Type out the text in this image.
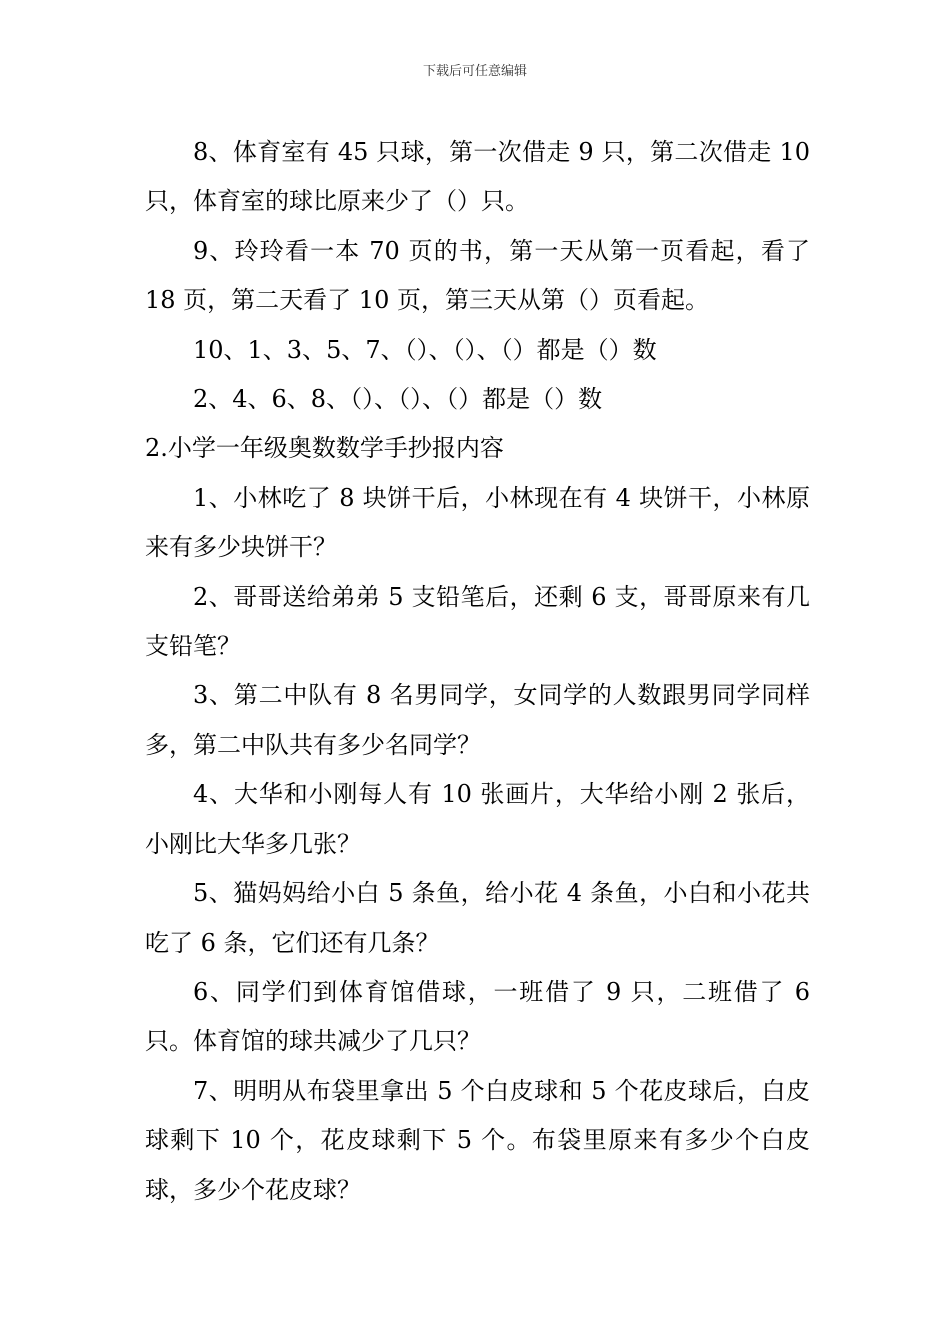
下载后可任意编辑

8、体育室有 45 只球，第一次借走 9 只，第二次借走 10 只，体育室的球比原来少了（）只。

9、玲玲看一本 70 页的书，第一天从第一页看起，看了 18 页，第二天看了 10 页，第三天从第（）页看起。

10、1、3、5、7、（）、（）、（）都是（）数

2、4、6、8、（）、（）、（）都是（）数

2.小学一年级奥数数学手抄报内容

1、小林吃了 8 块饼干后，小林现在有 4 块饼干，小林原来有多少块饼干？

2、哥哥送给弟弟 5 支铅笔后，还剩 6 支，哥哥原来有几支铅笔？

3、第二中队有 8 名男同学，女同学的人数跟男同学同样多，第二中队共有多少名同学？

4、大华和小刚每人有 10 张画片，大华给小刚 2 张后，小刚比大华多几张？

5、猫妈妈给小白 5 条鱼，给小花 4 条鱼，小白和小花共吃了 6 条，它们还有几条？

6、同学们到体育馆借球，一班借了 9 只，二班借了 6 只。体育馆的球共减少了几只？

7、明明从布袋里拿出 5 个白皮球和 5 个花皮球后，白皮球剩下 10 个，花皮球剩下 5 个。布袋里原来有多少个白皮球，多少个花皮球？
